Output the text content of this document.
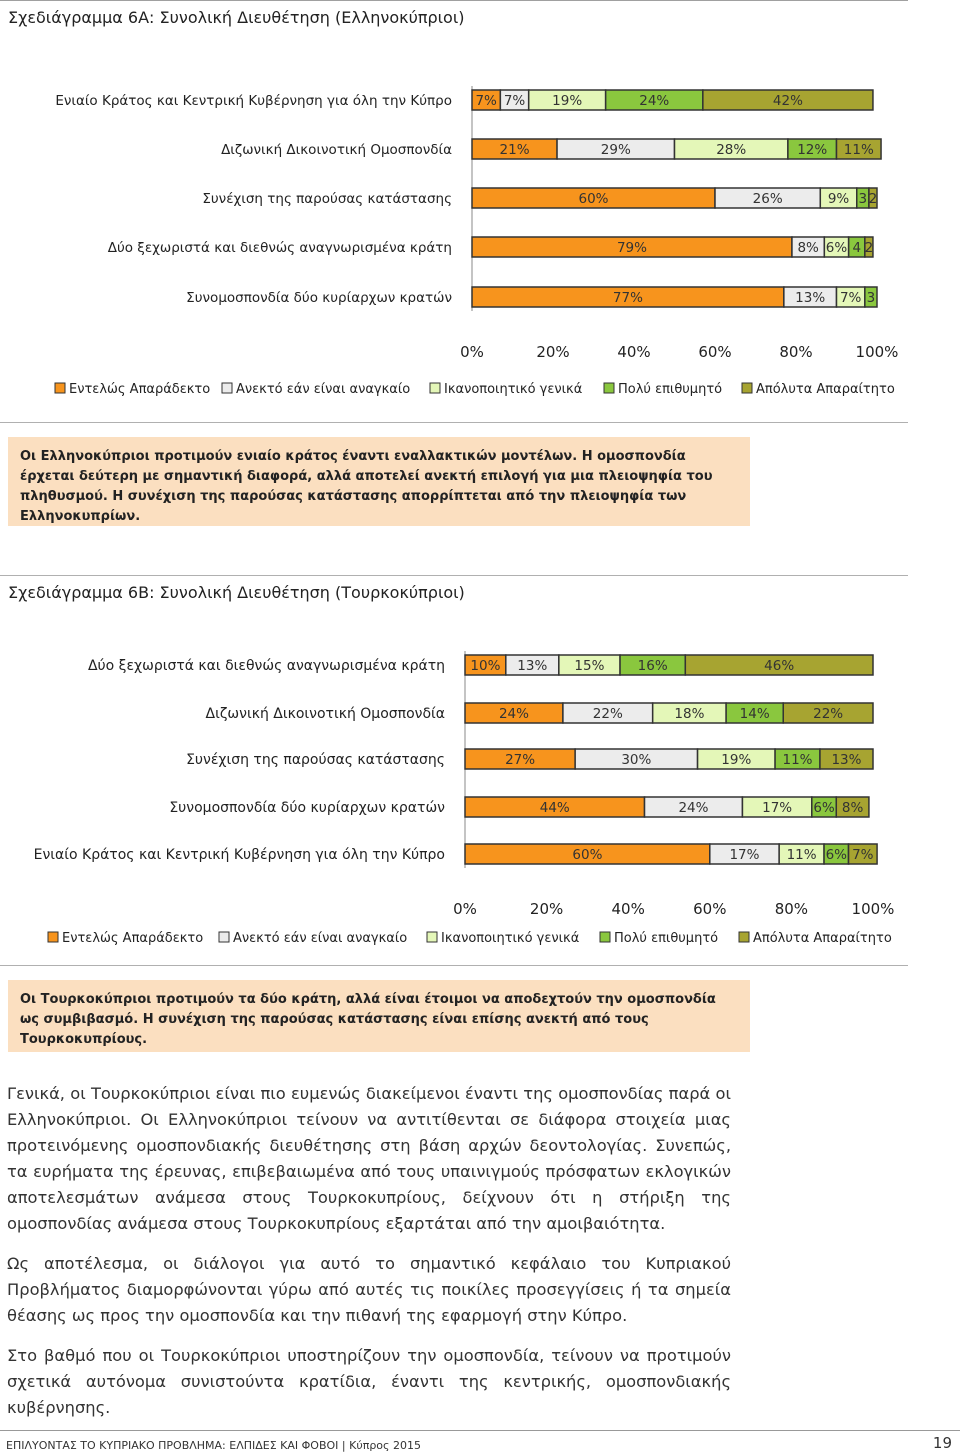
Σχεδιάγραμμα 6Α: Συνολική Διευθέτηση (Ελληνοκύπριοι)
Ενιαίο Κράτος και Κεντρική Κυβέρνηση για όλη την Κύπρο 7% 7% 19%	24%	42%
Διζωνική Δικοινοτική Ομοσπονδία	21%	29%	28%	12% 11%
Συνέχιση της παρούσας κατάστασης	60%	26%	9% 3 2
Δύο ξεχωριστά και διεθνώς αναγνωρισμένα κράτη	79%	8% 6% 4 2
Συνομοσπονδία δύο κυρίαρχων κρατών	77%	13% 7% 3
0%	20%	40%	60%	80%	100%
Εντελώς Απαράδεκτο Ανεκτό εάν είναι αναγκαίο	Ικανοποιητικό γενικά	Πολύ επιθυμητό	Απόλυτα Απαραίτητο

Οι Ελληνοκύπριοι προτιμούν ενιαίο κράτος έναντι εναλλακτικών μοντέλων. Η ομοσπονδία έρχεται δεύτερη με σημαντική διαφορά, αλλά αποτελεί ανεκτή επιλογή για μια πλειοψηφία του πληθυσμού. Η συνέχιση της παρούσας κατάστασης απορρίπτεται από την πλειοψηφία των Ελληνοκυπρίων.

Σχεδιάγραμμα 6Β: Συνολική Διευθέτηση (Τουρκοκύπριοι)
Δύο ξεχωριστά και διεθνώς αναγνωρισμένα κράτη 10% 13% 15% 16%	46%
Διζωνική Δικοινοτική Ομοσπονδία	24%	22%	18%	14%	22%
Συνέχιση της παρούσας κατάστασης	27%	30%	19% 11% 13%
Συνομοσπονδία δύο κυρίαρχων κρατών	44%	24%	17% 6% 8%
Ενιαίο Κράτος και Κεντρική Κυβέρνηση για όλη την Κύπρο	60%	17% 11% 6% 7%
0%	20%	40%	60%	80%	100%
Εντελώς Απαράδεκτο Ανεκτό εάν είναι αναγκαίο	Ικανοποιητικό γενικά	Πολύ επιθυμητό	Απόλυτα Απαραίτητο

Οι Τουρκοκύπριοι προτιμούν τα δύο κράτη, αλλά είναι έτοιμοι να αποδεχτούν την ομοσπονδία ως συμβιβασμό. Η συνέχιση της παρούσας κατάστασης είναι επίσης ανεκτή από τους Τουρκοκυπρίους.

Γενικά, οι Τουρκοκύπριοι είναι πιο ευμενώς διακείμενοι έναντι της ομοσπονδίας παρά οι Ελληνοκύπριοι. Οι Ελληνοκύπριοι τείνουν να αντιτίθενται σε διάφορα στοιχεία μιας προτεινόμενης ομοσπονδιακής διευθέτησης στη βάση αρχών δεοντολογίας. Συνεπώς, τα ευρήματα της έρευνας, επιβεβαιωμένα από τους υπαινιγμούς πρόσφατων εκλογικών αποτελεσμάτων ανάμεσα στους Τουρκοκυπρίους, δείχνουν ότι η στήριξη της ομοσπονδίας ανάμεσα στους Τουρκοκυπρίους εξαρτάται από την αμοιβαιότητα.

Ως αποτέλεσμα, οι διάλογοι για αυτό το σημαντικό κεφάλαιο του Κυπριακού Προβλήματος διαμορφώνονται γύρω από αυτές τις ποικίλες προσεγγίσεις ή τα σημεία θέασης ως προς την ομοσπονδία και την πιθανή της εφαρμογή στην Κύπρο.

Στο βαθμό που οι Τουρκοκύπριοι υποστηρίζουν την ομοσπονδία, τείνουν να προτιμούν σχετικά αυτόνομα συνιστούντα κρατίδια, έναντι της κεντρικής, ομοσπονδιακής κυβέρνησης.

ΕΠΙΛΥΟΝΤΑΣ ΤΟ ΚΥΠΡΙΑΚΟ ΠΡΟΒΛΗΜΑ: ΕΛΠΙΔΕΣ ΚΑΙ ΦΟΒΟΙ | Κύπρος 2015	19
